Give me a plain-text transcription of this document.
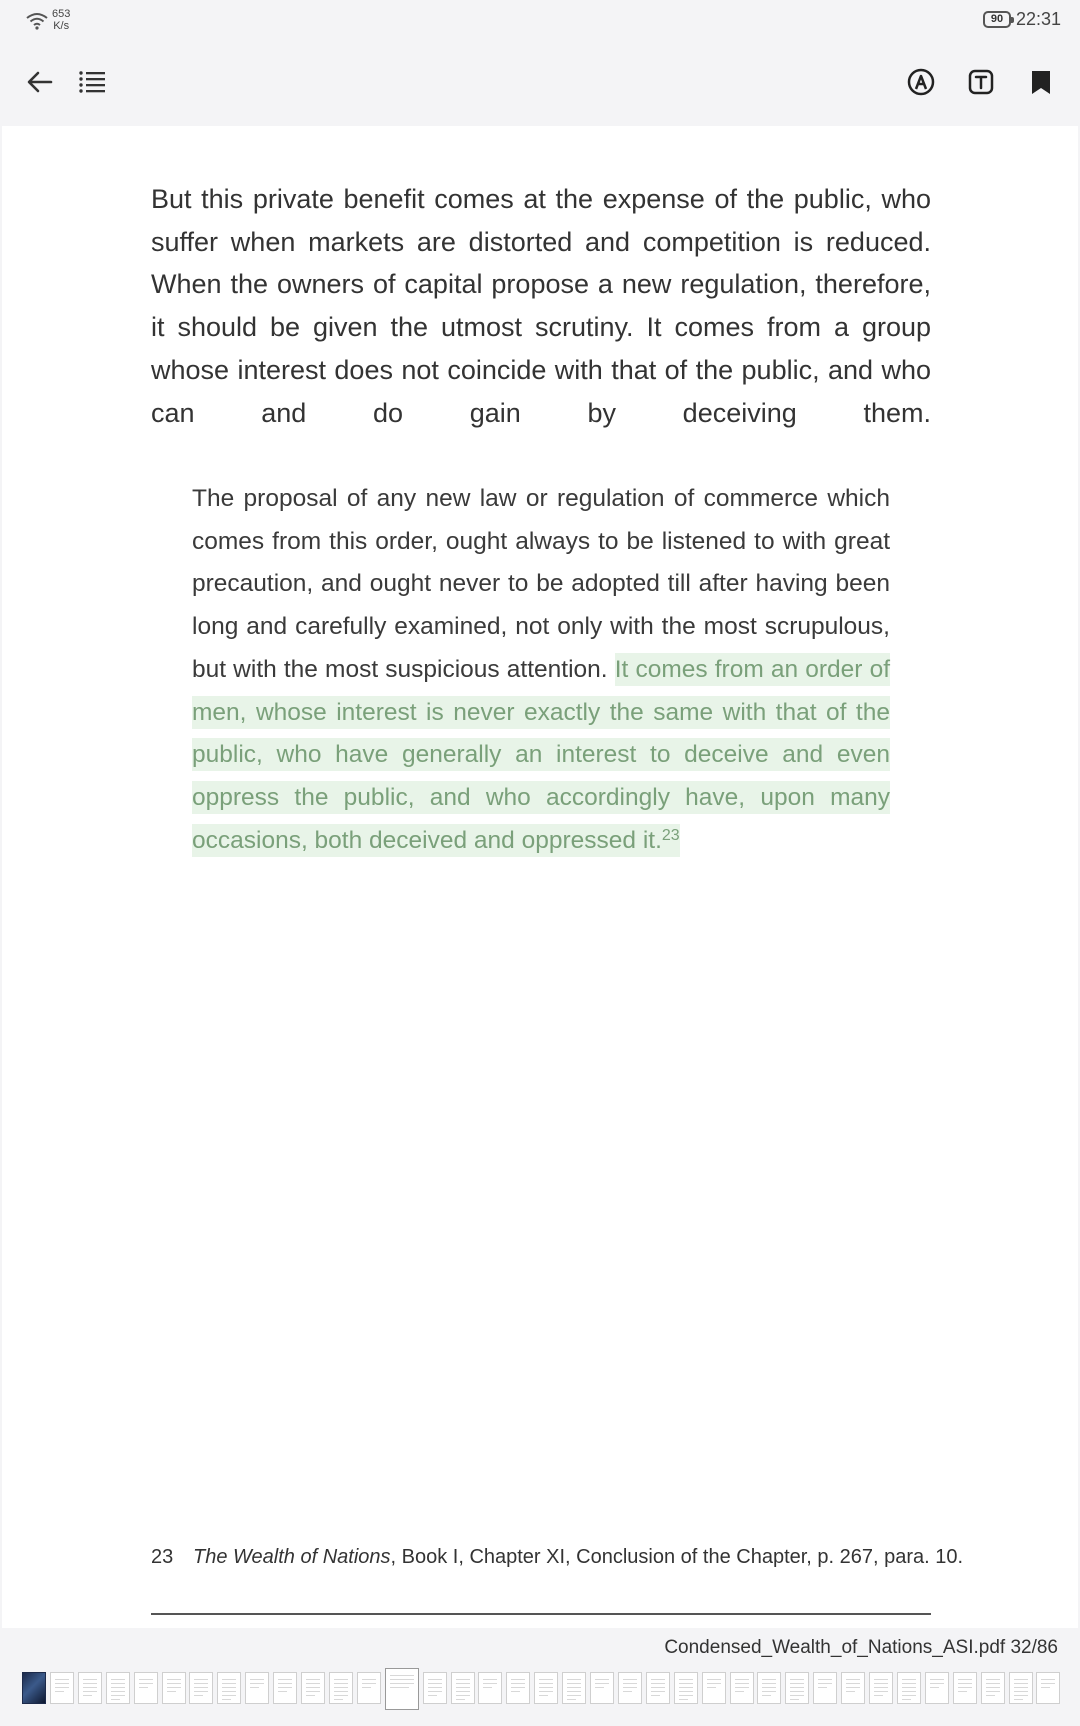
653
K/s
90 22:31

But this private benefit comes at the expense of the public, who suffer when markets are distorted and competition is reduced. When the owners of capital propose a new regulation, therefore, it should be given the utmost scrutiny. It comes from a group whose interest does not coincide with that of the public, and who can and do gain by deceiving them.

The proposal of any new law or regulation of commerce which comes from this order, ought always to be listened to with great precaution, and ought never to be adopted till after having been long and carefully examined, not only with the most scrupulous, but with the most suspicious attention. It comes from an order of men, whose interest is never exactly the same with that of the public, who have generally an interest to deceive and even oppress the public, and who accordingly have, upon many occasions, both deceived and oppressed it.$^{23}$

23 The Wealth of Nations, Book I, Chapter XI, Conclusion of the Chapter, p. 267, para. 10.
Condensed_Wealth_of_Nations_ASI.pdf 32/86
